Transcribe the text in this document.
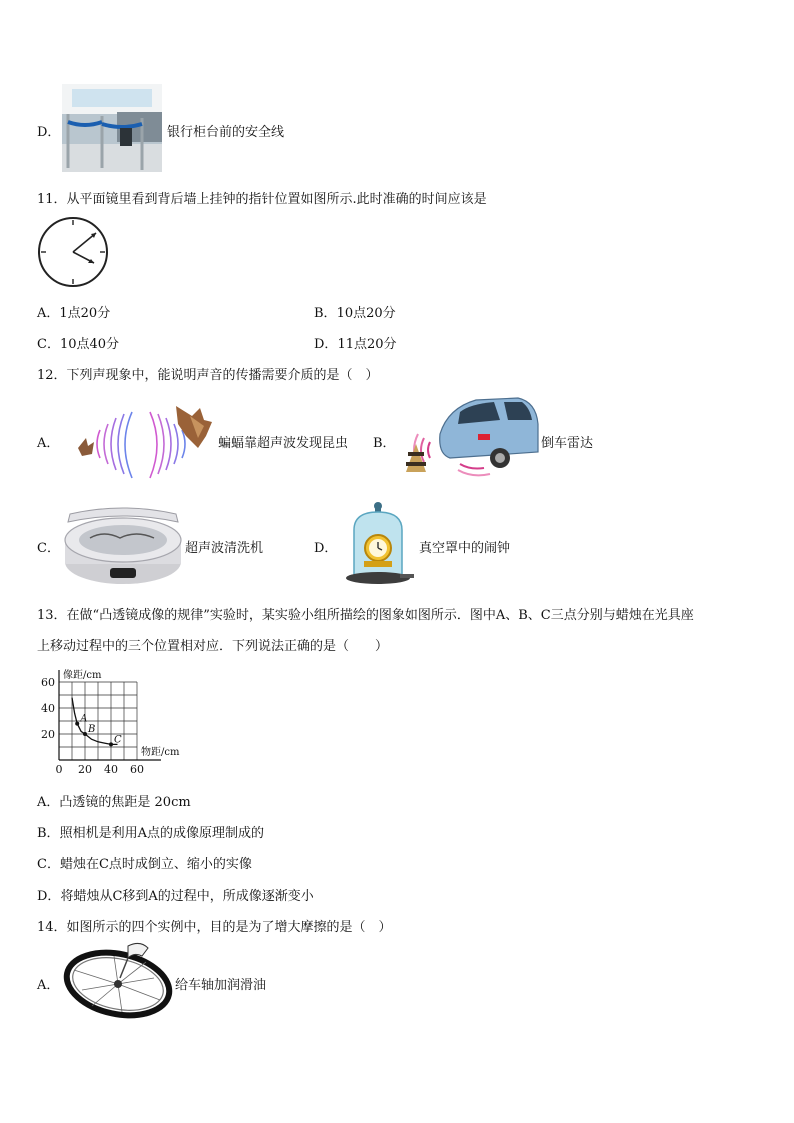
D．	银行柜台前的安全线
11．从平面镜里看到背后墙上挂钟的指针位置如图所示.此时准确的时间应该是
A．1点20分	B．10点20分
C．10点40分	D．11点20分
12．下列声现象中，能说明声音的传播需要介质的是（　）
A．	蝙蝠靠超声波发现昆虫 B．	倒车雷达
C．	超声波清洗机	D．	真空罩中的闹钟
13．在做“凸透镜成像的规律”实验时，某实验小组所描绘的图象如图所示．图中A、B、C三点分别与蜡烛在光具座
上移动过程中的三个位置相对应．下列说法正确的是（　　）
像距/cm
物距/cm
0 20 40 60
20
40
60
A
B
C
A．凸透镜的焦距是 20cm
B．照相机是利用A点的成像原理制成的
C．蜡烛在C点时成倒立、缩小的实像
D．将蜡烛从C移到A的过程中，所成像逐渐变小
14．如图所示的四个实例中，目的是为了增大摩擦的是（　）
A．	给车轴加润滑油
